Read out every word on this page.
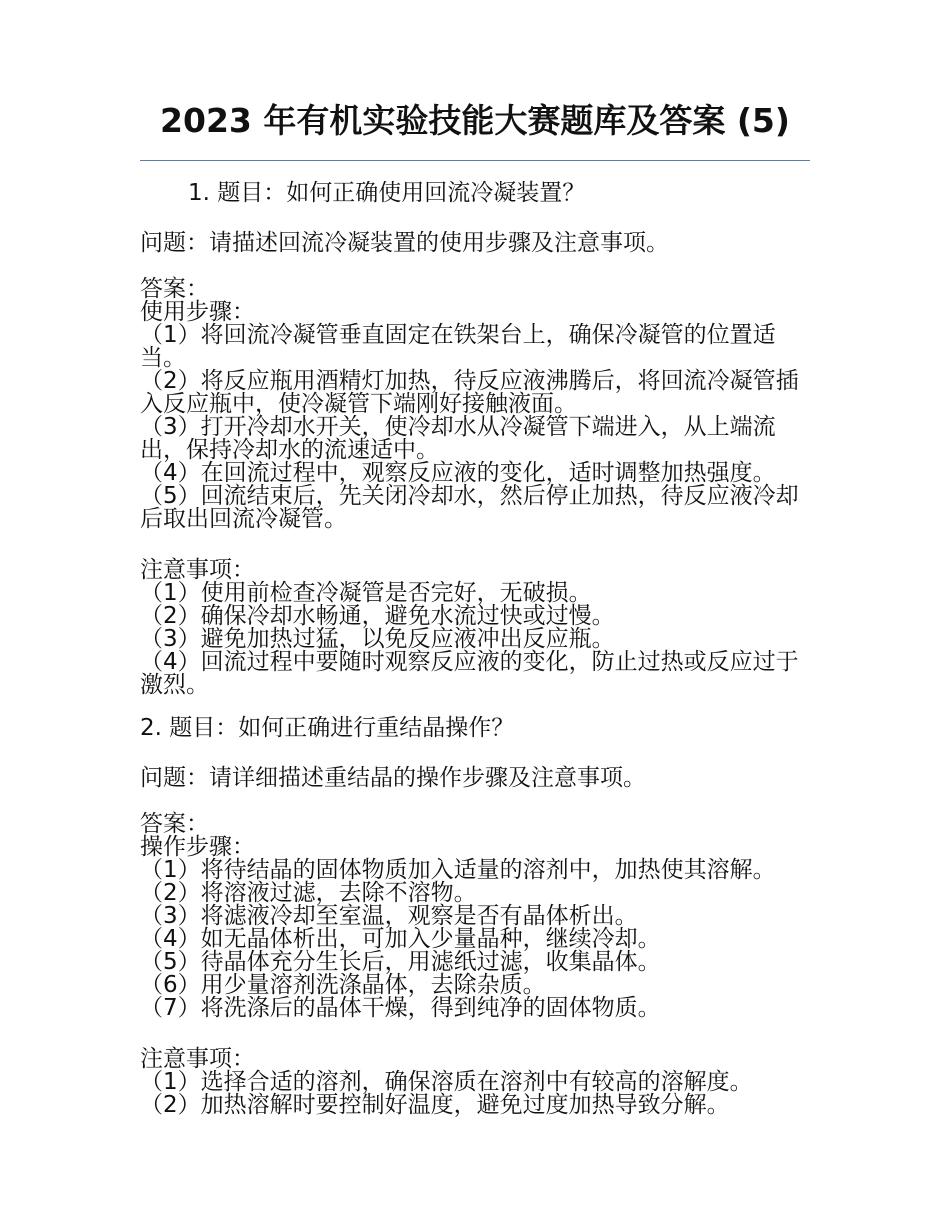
2023 年有机实验技能大赛题库及答案 (5)

1. 题目：如何正确使用回流冷凝装置？

问题：请描述回流冷凝装置的使用步骤及注意事项。

答案：
使用步骤：
（1）将回流冷凝管垂直固定在铁架台上，确保冷凝管的位置适当。
（2）将反应瓶用酒精灯加热，待反应液沸腾后，将回流冷凝管插入反应瓶中，使冷凝管下端刚好接触液面。
（3）打开冷却水开关，使冷却水从冷凝管下端进入，从上端流出，保持冷却水的流速适中。
（4）在回流过程中，观察反应液的变化，适时调整加热强度。
（5）回流结束后，先关闭冷却水，然后停止加热，待反应液冷却后取出回流冷凝管。
注意事项：
（1）使用前检查冷凝管是否完好，无破损。
（2）确保冷却水畅通，避免水流过快或过慢。
（3）避免加热过猛，以免反应液冲出反应瓶。
（4）回流过程中要随时观察反应液的变化，防止过热或反应过于激烈。

2. 题目：如何正确进行重结晶操作？

问题：请详细描述重结晶的操作步骤及注意事项。

答案：
操作步骤：
（1）将待结晶的固体物质加入适量的溶剂中，加热使其溶解。
（2）将溶液过滤，去除不溶物。
（3）将滤液冷却至室温，观察是否有晶体析出。
（4）如无晶体析出，可加入少量晶种，继续冷却。
（5）待晶体充分生长后，用滤纸过滤，收集晶体。
（6）用少量溶剂洗涤晶体，去除杂质。
（7）将洗涤后的晶体干燥，得到纯净的固体物质。
注意事项：
（1）选择合适的溶剂，确保溶质在溶剂中有较高的溶解度。
（2）加热溶解时要控制好温度，避免过度加热导致分解。
